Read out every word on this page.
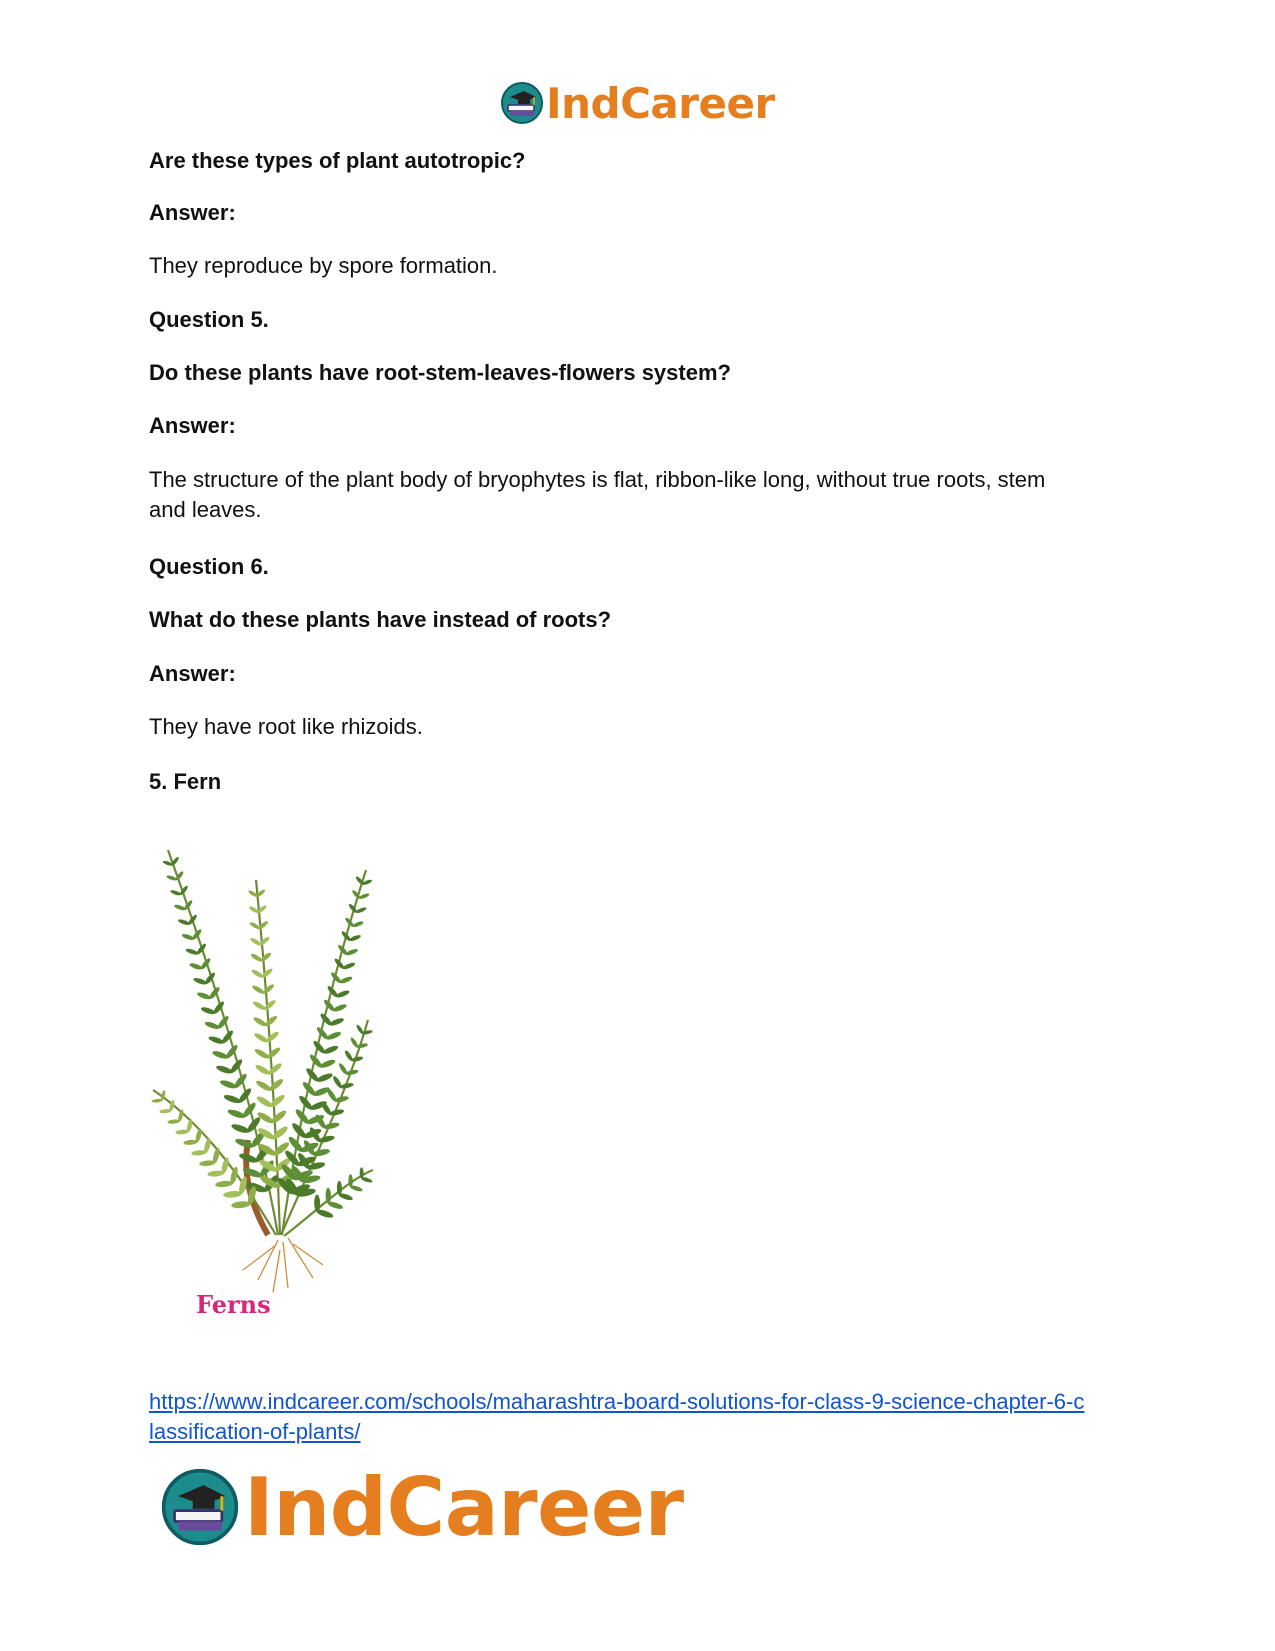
IndCareer

Are these types of plant autotropic?

Answer:

They reproduce by spore formation.

Question 5.

Do these plants have root-stem-leaves-flowers system?

Answer:

The structure of the plant body of bryophytes is flat, ribbon-like long, without true roots, stem

and leaves.

Question 6.

What do these plants have instead of roots?

Answer:

They have root like rhizoids.

5. Fern

Ferns
https://www.indcareer.com/schools/maharashtra-board-solutions-for-class-9-science-chapter-6-c
lassification-of-plants/
IndCareer
